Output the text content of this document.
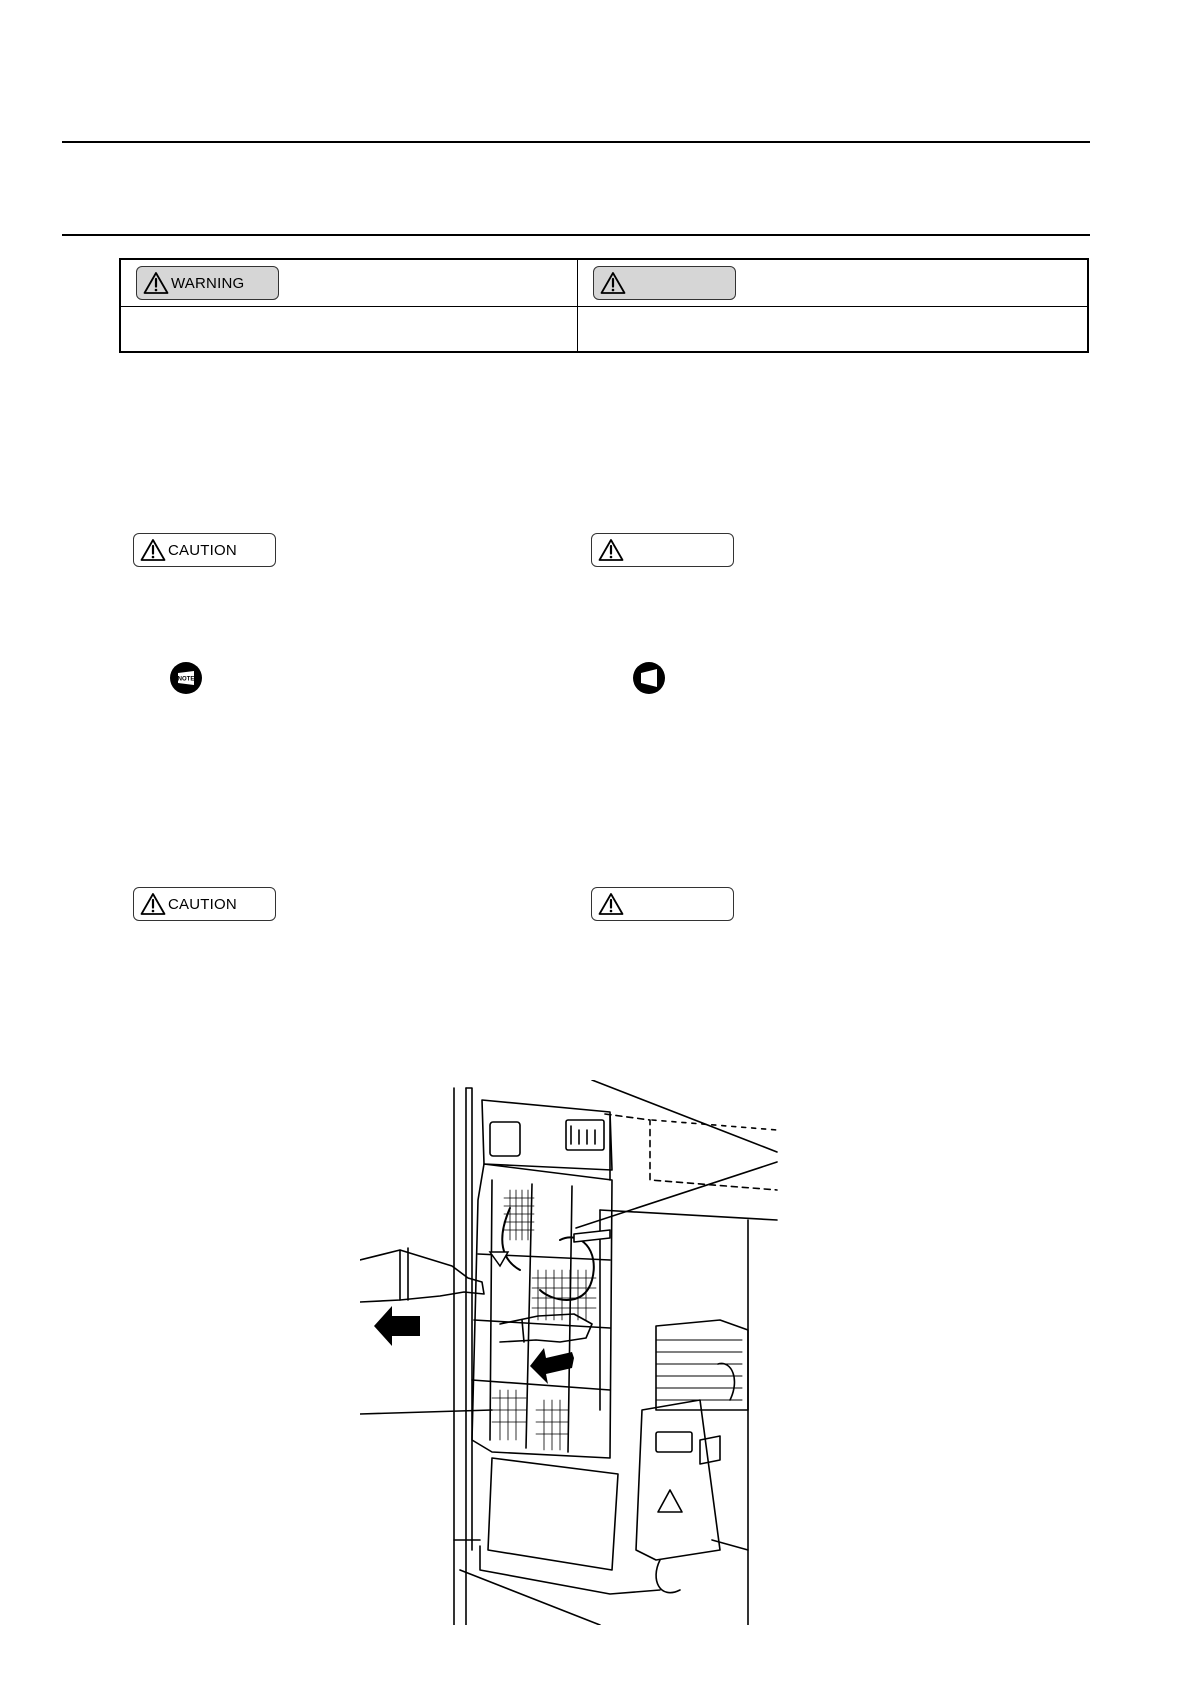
WARNING
CAUTION
NOTE
CAUTION
